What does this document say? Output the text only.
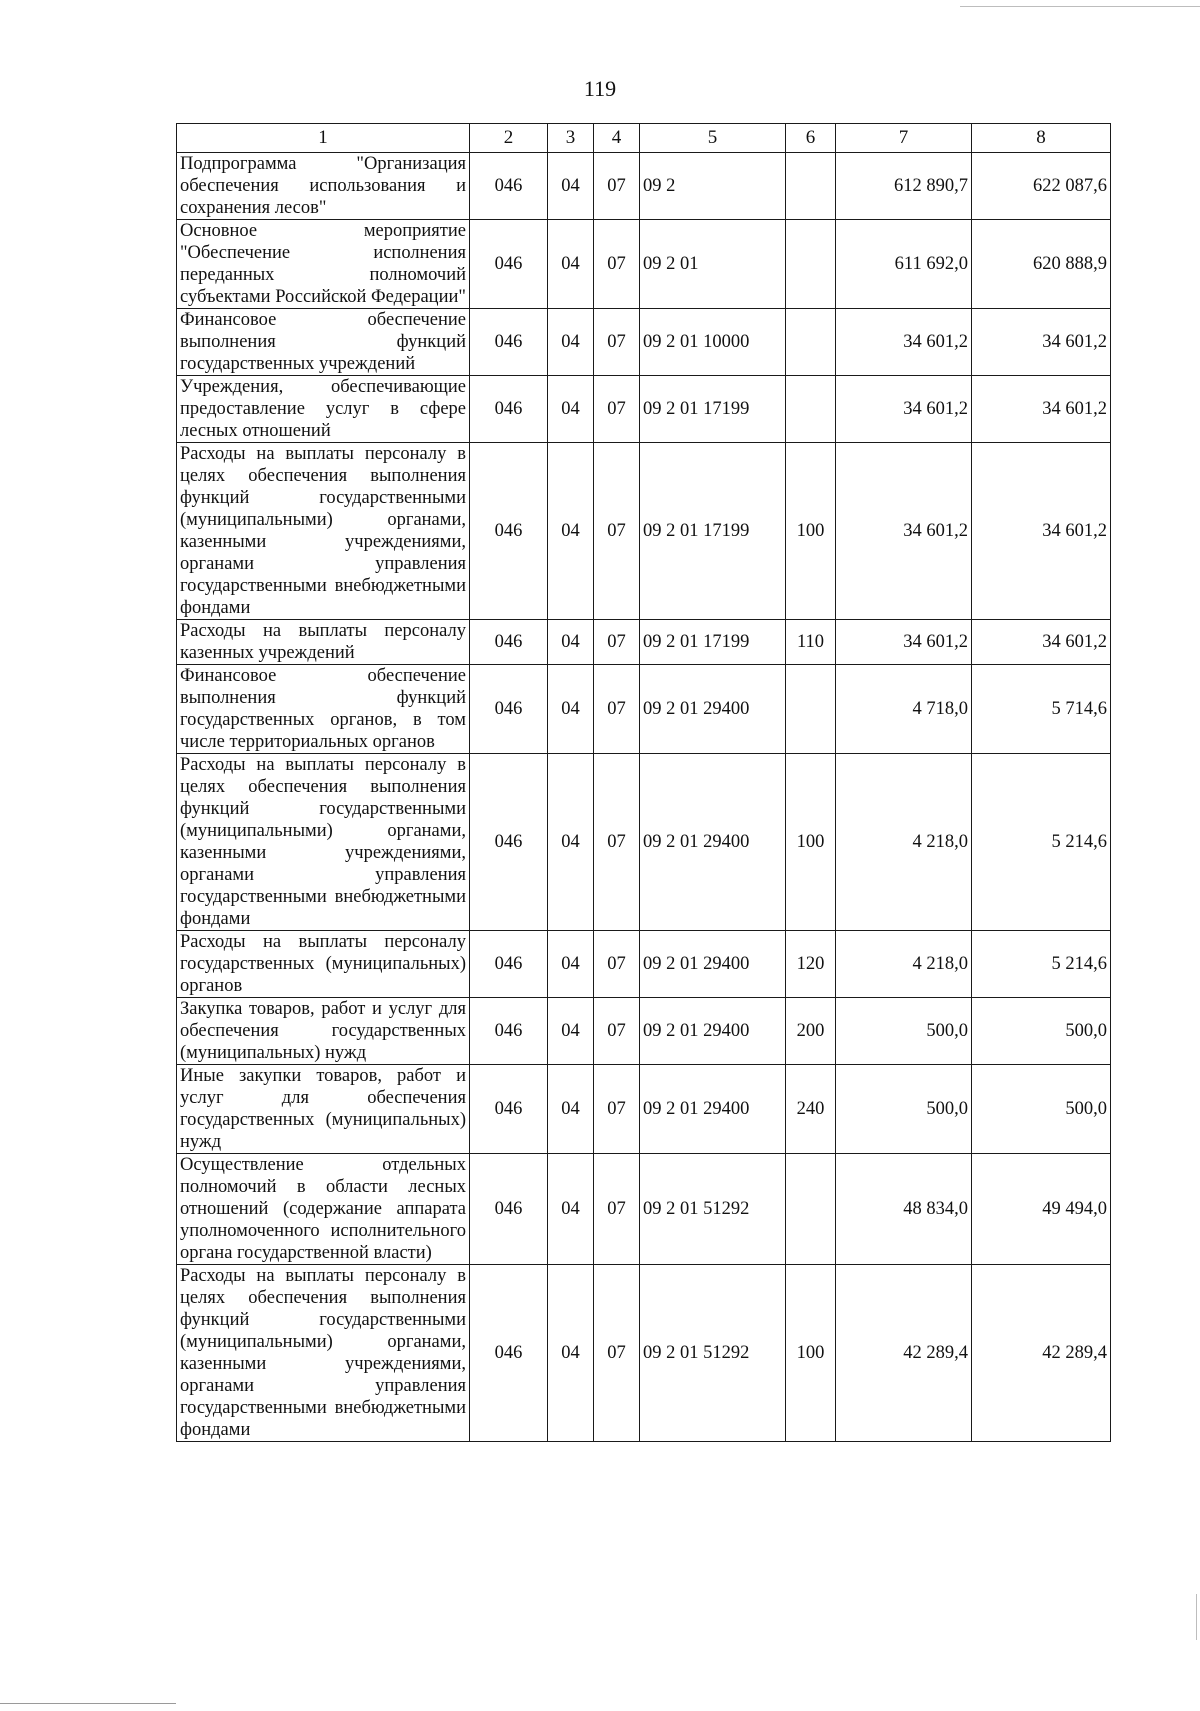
119
1	2	3	4	5	6	7	8
Подпрограмма "Организация обеспечения использования и сохранения лесов"	046	04	07	09 2		612 890,7	622 087,6
Основное мероприятие "Обеспечение исполнения переданных полномочий субъектами Российской Федерации"	046	04	07	09 2 01		611 692,0	620 888,9
Финансовое обеспечение выполнения функций государственных учреждений	046	04	07	09 2 01 10000		34 601,2	34 601,2
Учреждения, обеспечивающие предоставление услуг в сфере лесных отношений	046	04	07	09 2 01 17199		34 601,2	34 601,2
Расходы на выплаты персоналу в целях обеспечения выполнения функций государственными (муниципальными) органами, казенными учреждениями, органами управления государственными внебюджетными фондами	046	04	07	09 2 01 17199	100	34 601,2	34 601,2
Расходы на выплаты персоналу казенных учреждений	046	04	07	09 2 01 17199	110	34 601,2	34 601,2
Финансовое обеспечение выполнения функций государственных органов, в том числе территориальных органов	046	04	07	09 2 01 29400		4 718,0	5 714,6
Расходы на выплаты персоналу в целях обеспечения выполнения функций государственными (муниципальными) органами, казенными учреждениями, органами управления государственными внебюджетными фондами	046	04	07	09 2 01 29400	100	4 218,0	5 214,6
Расходы на выплаты персоналу государственных (муниципальных) органов	046	04	07	09 2 01 29400	120	4 218,0	5 214,6
Закупка товаров, работ и услуг для обеспечения государственных (муниципальных) нужд	046	04	07	09 2 01 29400	200	500,0	500,0
Иные закупки товаров, работ и услуг для обеспечения государственных (муниципальных) нужд	046	04	07	09 2 01 29400	240	500,0	500,0
Осуществление отдельных полномочий в области лесных отношений (содержание аппарата уполномоченного исполнительного органа государственной власти)	046	04	07	09 2 01 51292		48 834,0	49 494,0
Расходы на выплаты персоналу в целях обеспечения выполнения функций государственными (муниципальными) органами, казенными учреждениями, органами управления государственными внебюджетными фондами	046	04	07	09 2 01 51292	100	42 289,4	42 289,4
